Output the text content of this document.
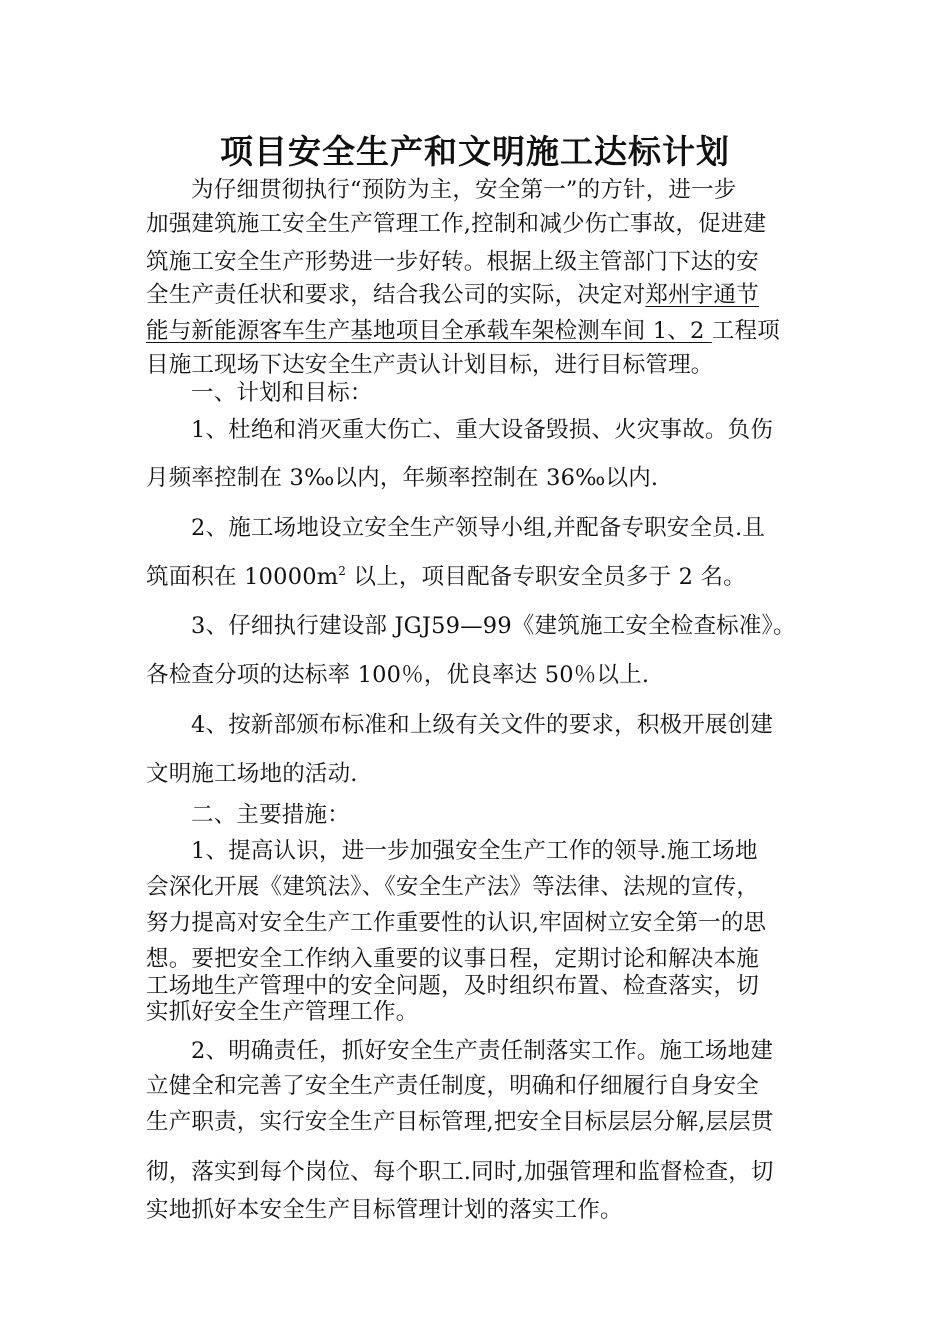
项目安全生产和文明施工达标计划
为仔细贯彻执行“预防为主，安全第一”的方针，进一步
加强建筑施工安全生产管理工作,控制和减少伤亡事故，促进建
筑施工安全生产形势进一步好转。根据上级主管部门下达的安
全生产责任状和要求，结合我公司的实际，决定对郑州宇通节
能与新能源客车生产基地项目全承载车架检测车间 1、2 工程项
目施工现场下达安全生产责认计划目标，进行目标管理。
一、计划和目标：
1、杜绝和消灭重大伤亡、重大设备毁损、火灾事故。负伤
月频率控制在 3‰以内，年频率控制在 36‰以内.
2、施工场地设立安全生产领导小组,并配备专职安全员.且
筑面积在 $10000m^2$ 以上，项目配备专职安全员多于 2 名。
3、仔细执行建设部 JGJ59—99《建筑施工安全检查标准》。
各检查分项的达标率 100％，优良率达 50％以上.
4、按新部颁布标准和上级有关文件的要求，积极开展创建
文明施工场地的活动.
二、主要措施：
1、提高认识，进一步加强安全生产工作的领导.施工场地
会深化开展《建筑法》、《安全生产法》等法律、法规的宣传，
努力提高对安全生产工作重要性的认识,牢固树立安全第一的思
想。要把安全工作纳入重要的议事日程，定期讨论和解决本施
工场地生产管理中的安全问题，及时组织布置、检查落实，切
实抓好安全生产管理工作。
2、明确责任，抓好安全生产责任制落实工作。施工场地建
立健全和完善了安全生产责任制度，明确和仔细履行自身安全
生产职责，实行安全生产目标管理,把安全目标层层分解,层层贯
彻，落实到每个岗位、每个职工.同时,加强管理和监督检查，切
实地抓好本安全生产目标管理计划的落实工作。
